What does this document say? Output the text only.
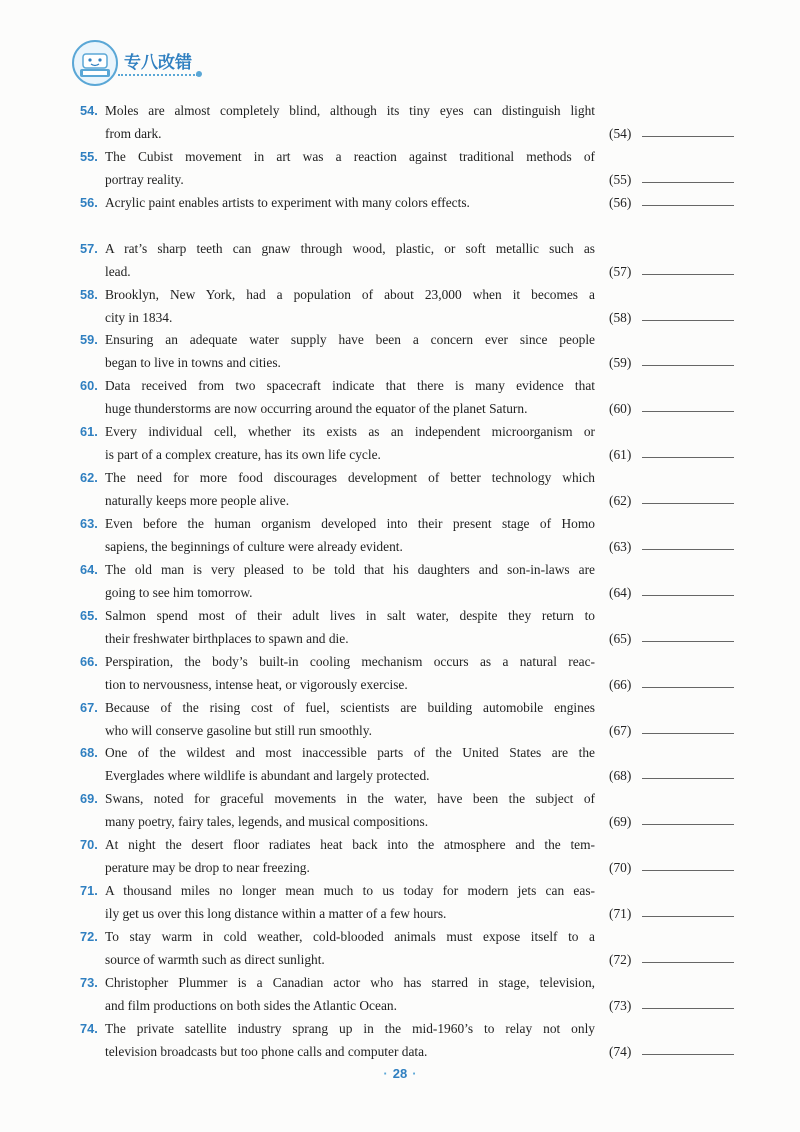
专八改错
54. Moles are almost completely blind, although its tiny eyes can distinguish light
from dark.	(54)
55. The Cubist movement in art was a reaction against traditional methods of
portray reality.	(55)
56. Acrylic paint enables artists to experiment with many colors effects.	(56)
57. A rat’s sharp teeth can gnaw through wood, plastic, or soft metallic such as
lead.	(57)
58. Brooklyn, New York, had a population of about 23,000 when it becomes a
city in 1834.	(58)
59. Ensuring an adequate water supply have been a concern ever since people
began to live in towns and cities.	(59)
60. Data received from two spacecraft indicate that there is many evidence that
huge thunderstorms are now occurring around the equator of the planet Saturn.	(60)
61. Every individual cell, whether its exists as an independent microorganism or
is part of a complex creature, has its own life cycle.	(61)
62. The need for more food discourages development of better technology which
naturally keeps more people alive.	(62)
63. Even before the human organism developed into their present stage of Homo
sapiens, the beginnings of culture were already evident.	(63)
64. The old man is very pleased to be told that his daughters and son-in-laws are
going to see him tomorrow.	(64)
65. Salmon spend most of their adult lives in salt water, despite they return to
their freshwater birthplaces to spawn and die.	(65)
66. Perspiration, the body’s built-in cooling mechanism occurs as a natural reac-
tion to nervousness, intense heat, or vigorously exercise.	(66)
67. Because of the rising cost of fuel, scientists are building automobile engines
who will conserve gasoline but still run smoothly.	(67)
68. One of the wildest and most inaccessible parts of the United States are the
Everglades where wildlife is abundant and largely protected.	(68)
69. Swans, noted for graceful movements in the water, have been the subject of
many poetry, fairy tales, legends, and musical compositions.	(69)
70. At night the desert floor radiates heat back into the atmosphere and the tem-
perature may be drop to near freezing.	(70)
71. A thousand miles no longer mean much to us today for modern jets can eas-
ily get us over this long distance within a matter of a few hours.	(71)
72. To stay warm in cold weather, cold-blooded animals must expose itself to a
source of warmth such as direct sunlight.	(72)
73. Christopher Plummer is a Canadian actor who has starred in stage, television,
and film productions on both sides the Atlantic Ocean.	(73)
74. The private satellite industry sprang up in the mid-1960’s to relay not only
television broadcasts but too phone calls and computer data.	(74)
· 28 ·
